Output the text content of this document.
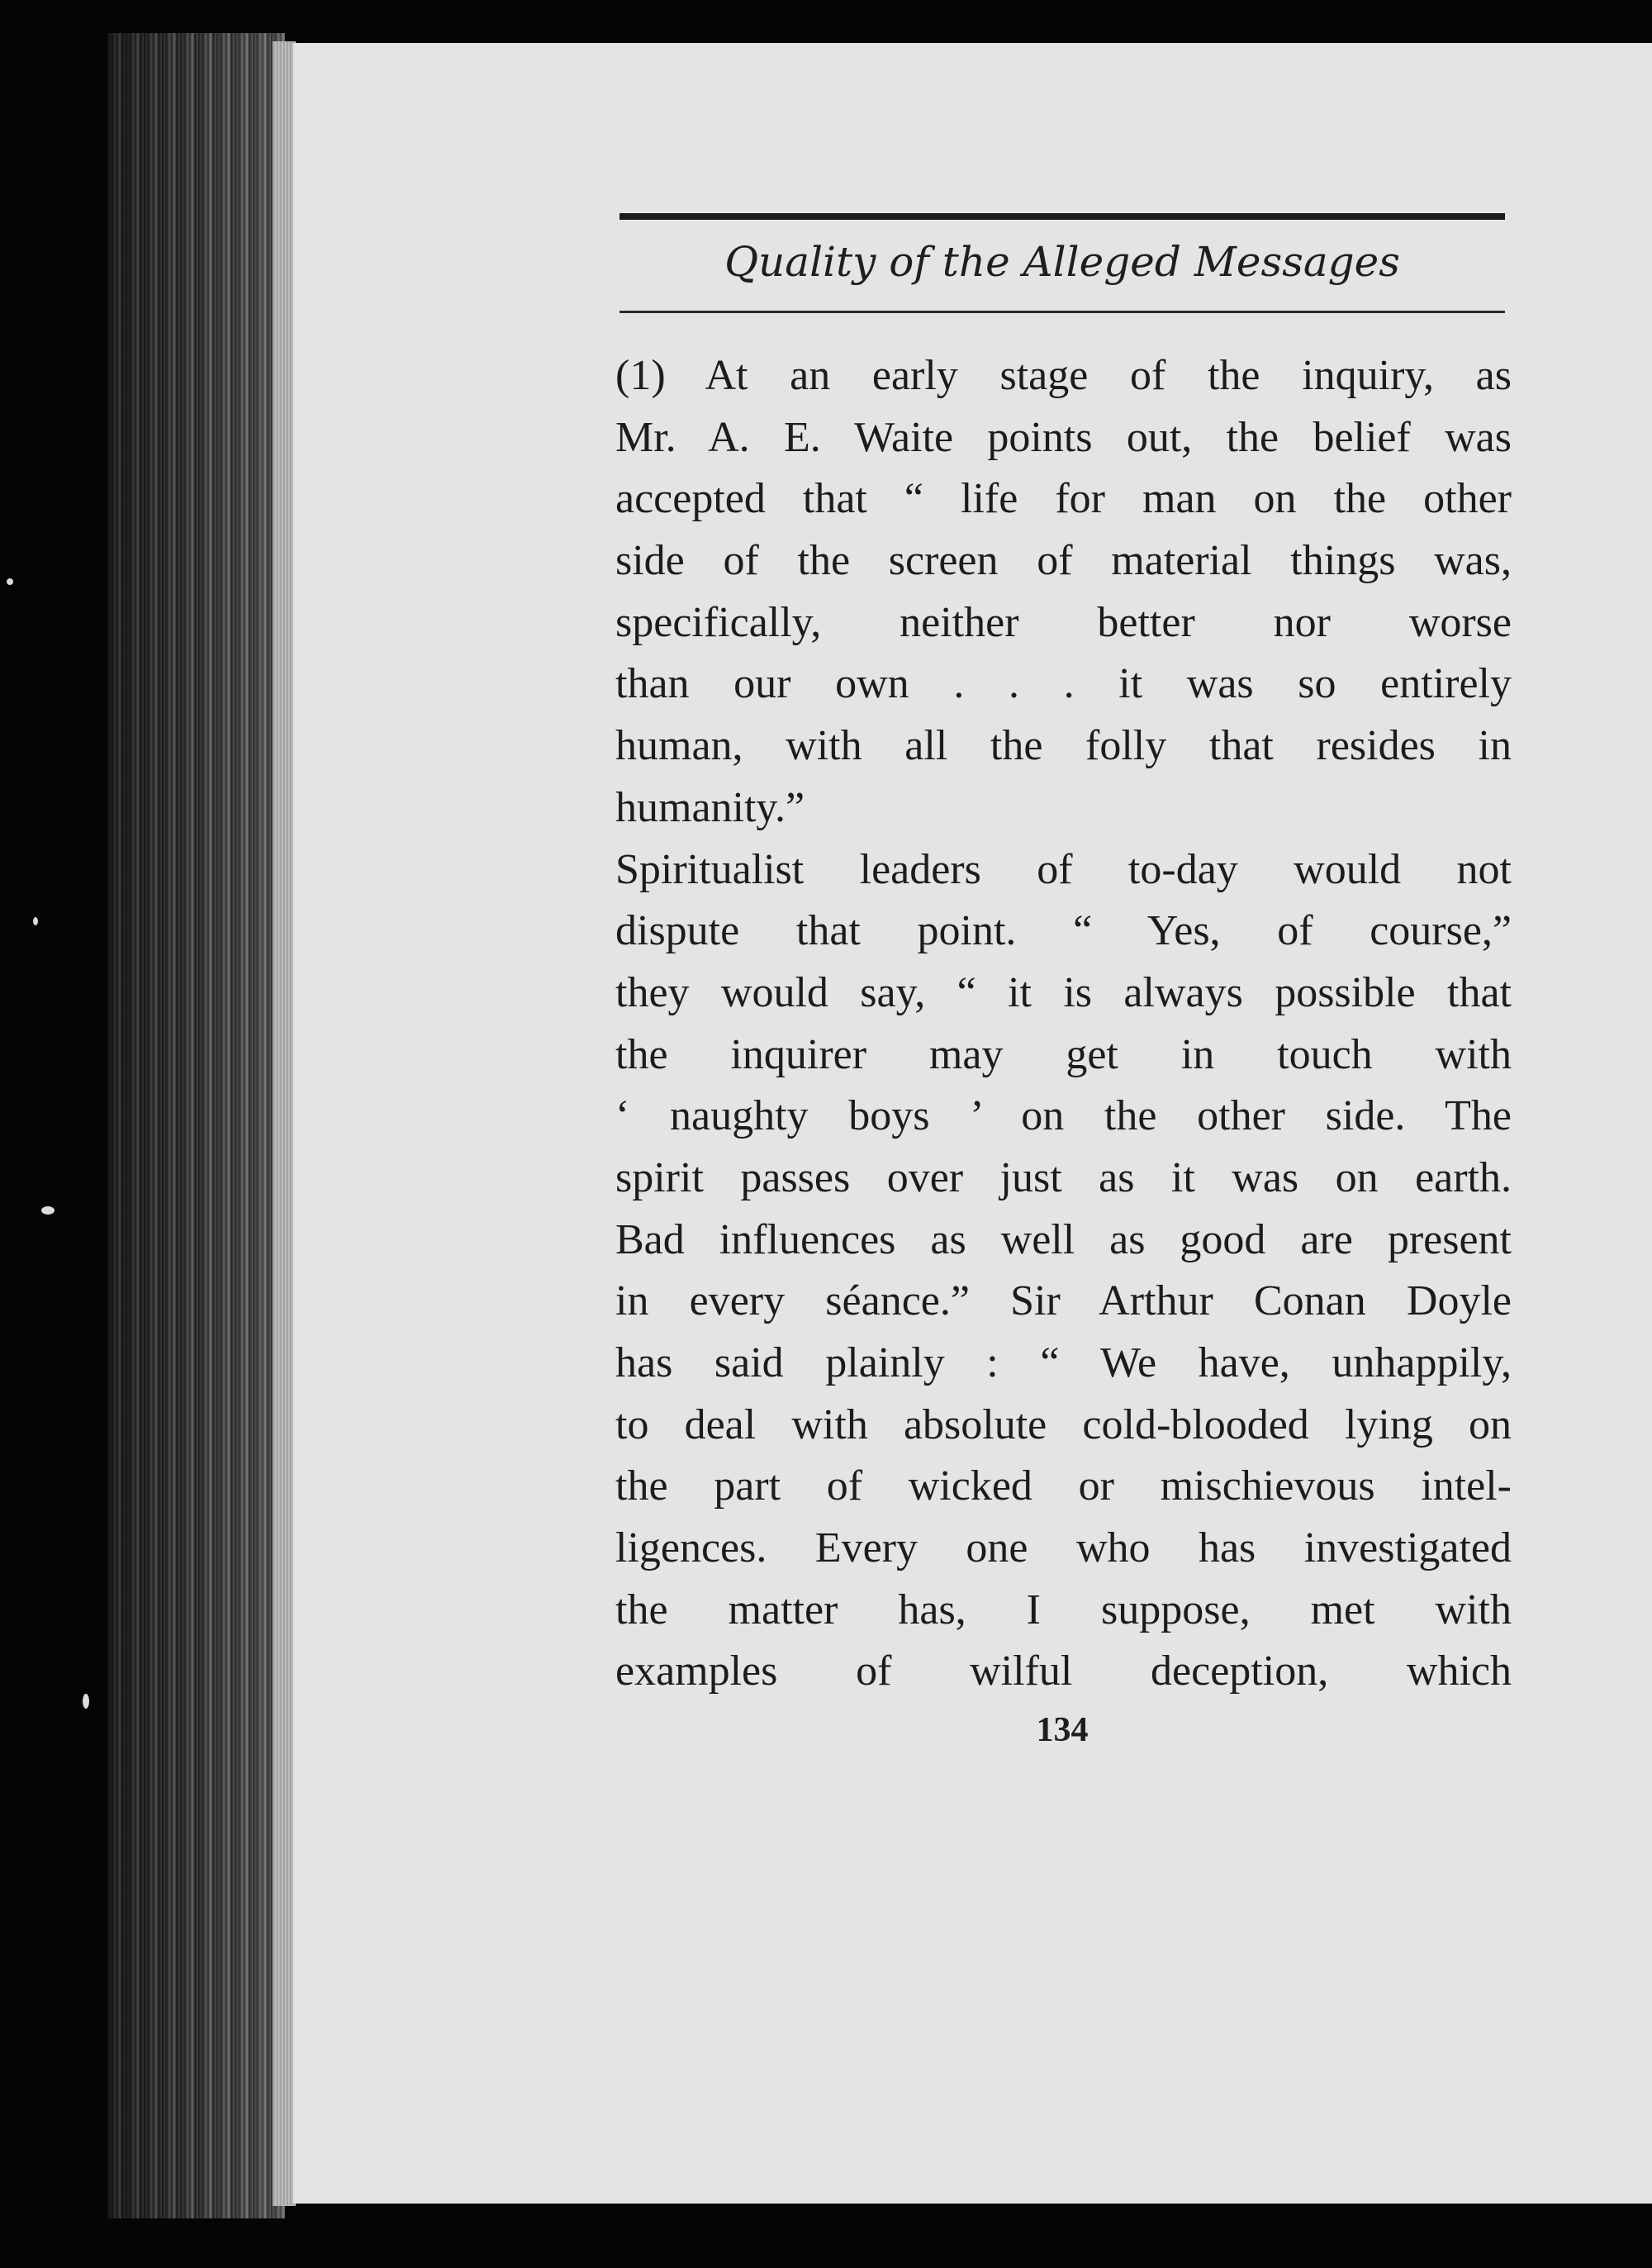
Quality of the Alleged Messages
(1) At an early stage of the inquiry, as
Mr. A. E. Waite points out, the belief was
accepted that “ life for man on the other
side of the screen of material things was,
specifically, neither better nor worse
than our own . . . it was so entirely
human, with all the folly that resides in
humanity.”
Spiritualist leaders of to-day would not
dispute that point. “ Yes, of course,”
they would say, “ it is always possible that
the inquirer may get in touch with
‘ naughty boys ’ on the other side. The
spirit passes over just as it was on earth.
Bad influences as well as good are present
in every séance.” Sir Arthur Conan Doyle
has said plainly : “ We have, unhappily,
to deal with absolute cold-blooded lying on
the part of wicked or mischievous intel-
ligences. Every one who has investigated
the matter has, I suppose, met with
examples of wilful deception, which
134
